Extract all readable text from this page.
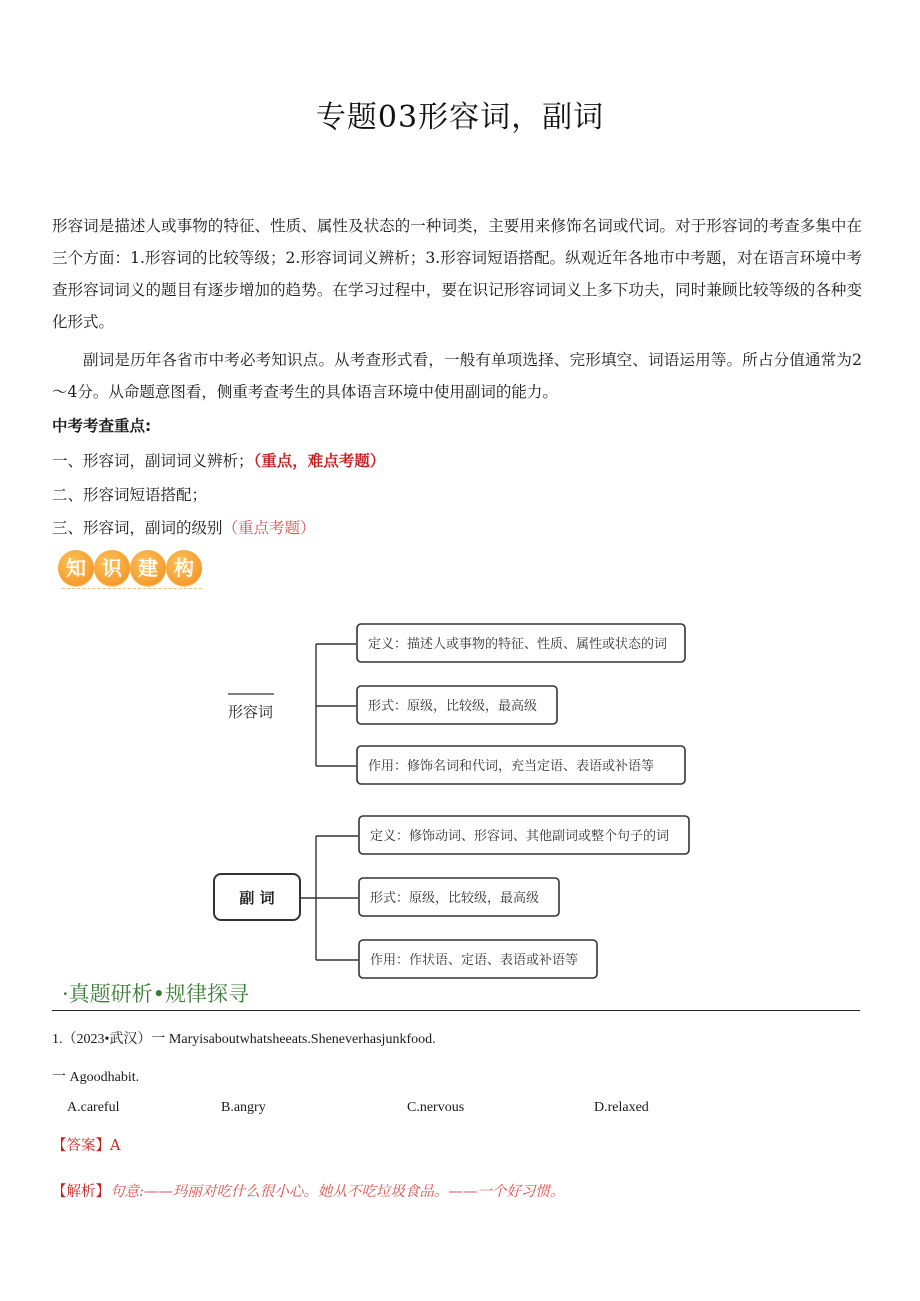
专题03形容词，副词
形容词是描述人或事物的特征、性质、属性及状态的一种词类，主要用来修饰名词或代词。对于形容词的考查多集中在三个方面：1.形容词的比较等级；2.形容词词义辨析；3.形容词短语搭配。纵观近年各地市中考题，对在语言环境中考查形容词词义的题目有逐步增加的趋势。在学习过程中，要在识记形容词词义上多下功夫，同时兼顾比较等级的各种变化形式。
副词是历年各省市中考必考知识点。从考查形式看，一般有单项选择、完形填空、词语运用等。所占分值通常为2～4分。从命题意图看，侧重考查考生的具体语言环境中使用副词的能力。
中考考查重点:
一、形容词，副词词义辨析；（重点，难点考题）
二、形容词短语搭配；
三、形容词，副词的级别（重点考题）
知 识 建 构
形容词
定义：描述人或事物的特征、性质、属性或状态的词
形式：原级，比较级，最高级
作用：修饰名词和代词，充当定语、表语或补语等
副 词
定义：修饰动词、形容词、其他副词或整个句子的词
形式：原级，比较级，最高级
作用：作状语、定语、表语或补语等
·真题研析•规律探寻
1.（2023•武汉）一 Maryisaboutwhatsheeats.Sheneverhasjunkfood.
一 Agoodhabit.
A.careful	B.angry	C.nervous	D.relaxed
【答案】A
【解析】句意:——玛丽对吃什么很小心。她从不吃垃圾食品。——一个好习惯。
